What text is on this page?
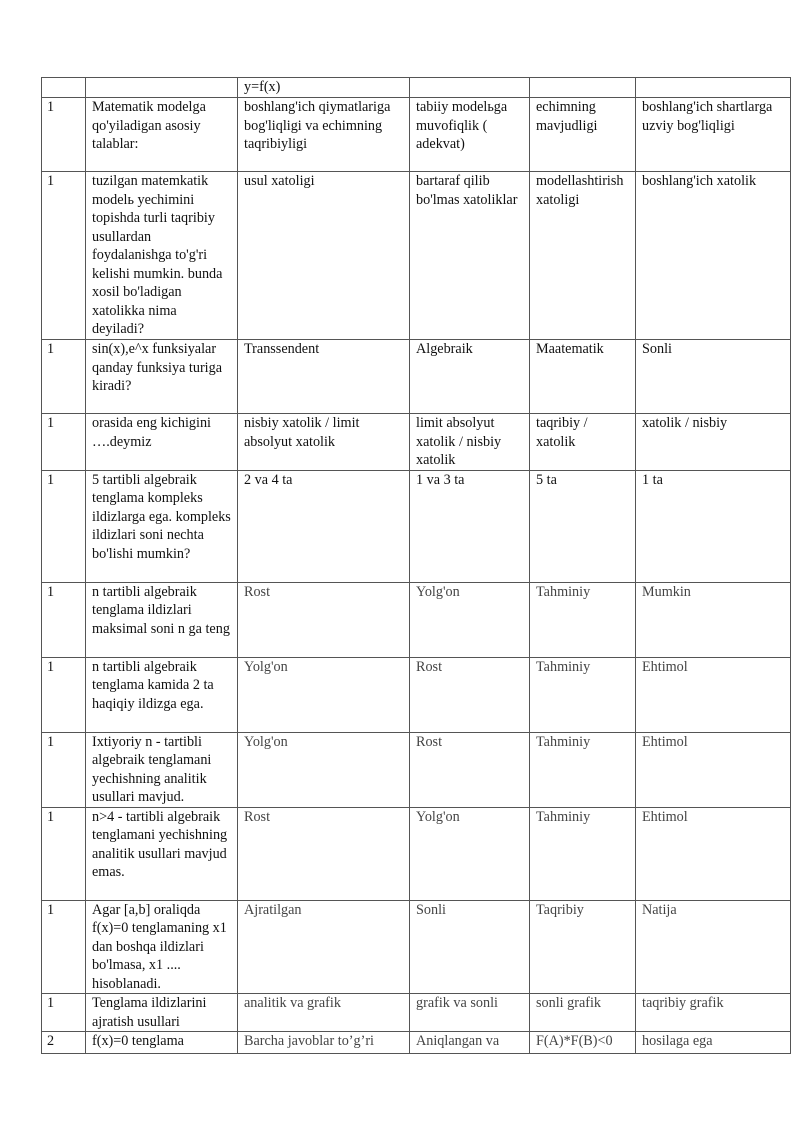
		y=f(x)			
1	Matematik modelga qo'yiladigan asosiy talablar:	boshlang'ich qiymatlariga bog'liqligi va echimning taqribiyligi	tabiiy modelьga muvofiqlik ( adekvat)	echimning mavjudligi	boshlang'ich shartlarga uzviy bog'liqligi
1	tuzilgan matemkatik modelь yechimini topishda turli taqribiy usullardan foydalanishga to'g'ri kelishi mumkin. bunda xosil bo'ladigan xatolikka nima deyiladi?	usul xatoligi	bartaraf qilib bo'lmas xatoliklar	modellashtirish xatoligi	boshlang'ich xatolik
1	sin(x),e^x funksiyalar qanday funksiya turiga kiradi?	Transsendent	Algebraik	Maatematik	Sonli
1	orasida eng kichigini ….deymiz	nisbiy xatolik / limit absolyut xatolik	limit absolyut xatolik / nisbiy xatolik	taqribiy / xatolik	xatolik / nisbiy
1	5 tartibli algebraik tenglama kompleks ildizlarga ega. kompleks ildizlari soni nechta bo'lishi mumkin?	2 va 4 ta	1 va 3 ta	5 ta	1 ta
1	n tartibli algebraik tenglama ildizlari maksimal soni n ga teng	Rost	Yolg'on	Tahminiy	Mumkin
1	n tartibli algebraik tenglama kamida 2 ta haqiqiy ildizga ega.	Yolg'on	Rost	Tahminiy	Ehtimol
1	Ixtiyoriy n - tartibli algebraik tenglamani yechishning analitik usullari mavjud.	Yolg'on	Rost	Tahminiy	Ehtimol
1	n>4 - tartibli algebraik tenglamani yechishning analitik usullari mavjud emas.	Rost	Yolg'on	Tahminiy	Ehtimol
1	Agar [a,b] oraliqda f(x)=0 tenglamaning x1 dan boshqa ildizlari bo'lmasa, x1 .... hisoblanadi.	Ajratilgan	Sonli	Taqribiy	Natija
1	Tenglama ildizlarini ajratish usullari	analitik va grafik	grafik va sonli	sonli grafik	taqribiy grafik
2	f(x)=0 tenglama	Barcha javoblar to’g’ri	Aniqlangan va	F(A)*F(B)<0	hosilaga ega
